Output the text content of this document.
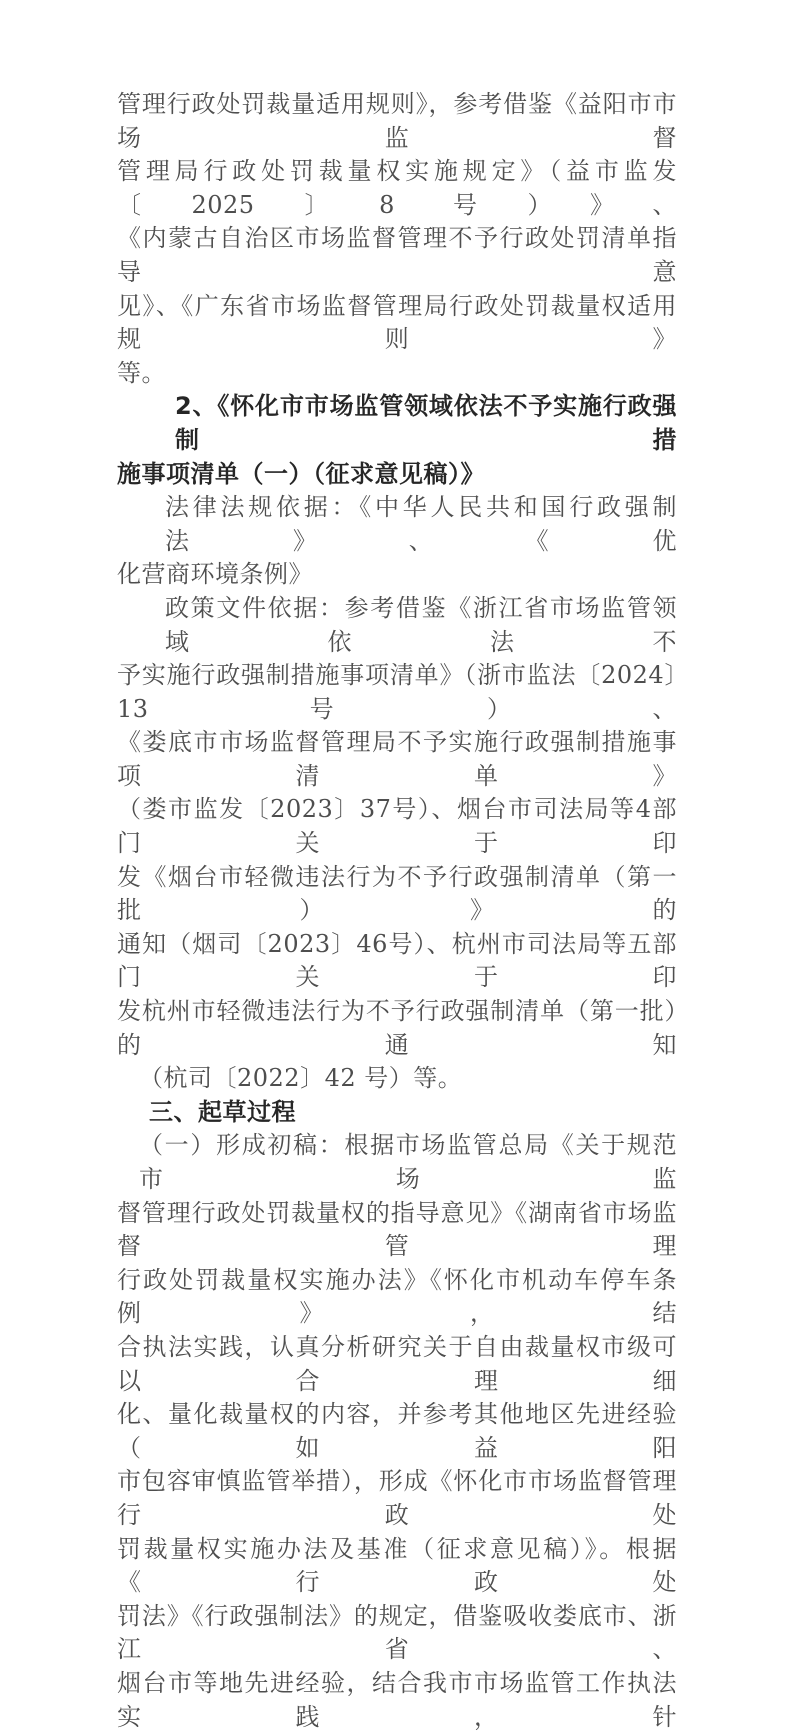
管理行政处罚裁量适用规则》，参考借鉴《益阳市市场监督
管理局行政处罚裁量权实施规定》（益市监发〔2025〕8 号）》、
《内蒙古自治区市场监督管理不予行政处罚清单指导意
见》、《广东省市场监督管理局行政处罚裁量权适用规则》
等。
2、《怀化市市场监管领域依法不予实施行政强制措
施事项清单（一）（征求意见稿）》
法律法规依据：《中华人民共和国行政强制法》、《优
化营商环境条例》
政策文件依据：参考借鉴《浙江省市场监管领域依法不
予实施行政强制措施事项清单》（浙市监法〔2024〕13 号）、
《娄底市市场监督管理局不予实施行政强制措施事项清单》
（娄市监发〔2023〕37号）、烟台市司法局等4部门关于印
发《烟台市轻微违法行为不予行政强制清单（第一批）》的
通知（烟司〔2023〕46号）、杭州市司法局等五部门关于印
发杭州市轻微违法行为不予行政强制清单（第一批）的通知
（杭司〔2022〕42 号）等。
三、起草过程
（一）形成初稿：根据市场监管总局《关于规范市场监
督管理行政处罚裁量权的指导意见》《湖南省市场监督管理
行政处罚裁量权实施办法》《怀化市机动车停车条例》，结
合执法实践，认真分析研究关于自由裁量权市级可以合理细
化、量化裁量权的内容，并参考其他地区先进经验（如益阳
市包容审慎监管举措），形成《怀化市市场监督管理行政处
罚裁量权实施办法及基准（征求意见稿）》。根据《行政处
罚法》《行政强制法》的规定，借鉴吸收娄底市、浙江省、
烟台市等地先进经验，结合我市市场监管工作执法实践，针
